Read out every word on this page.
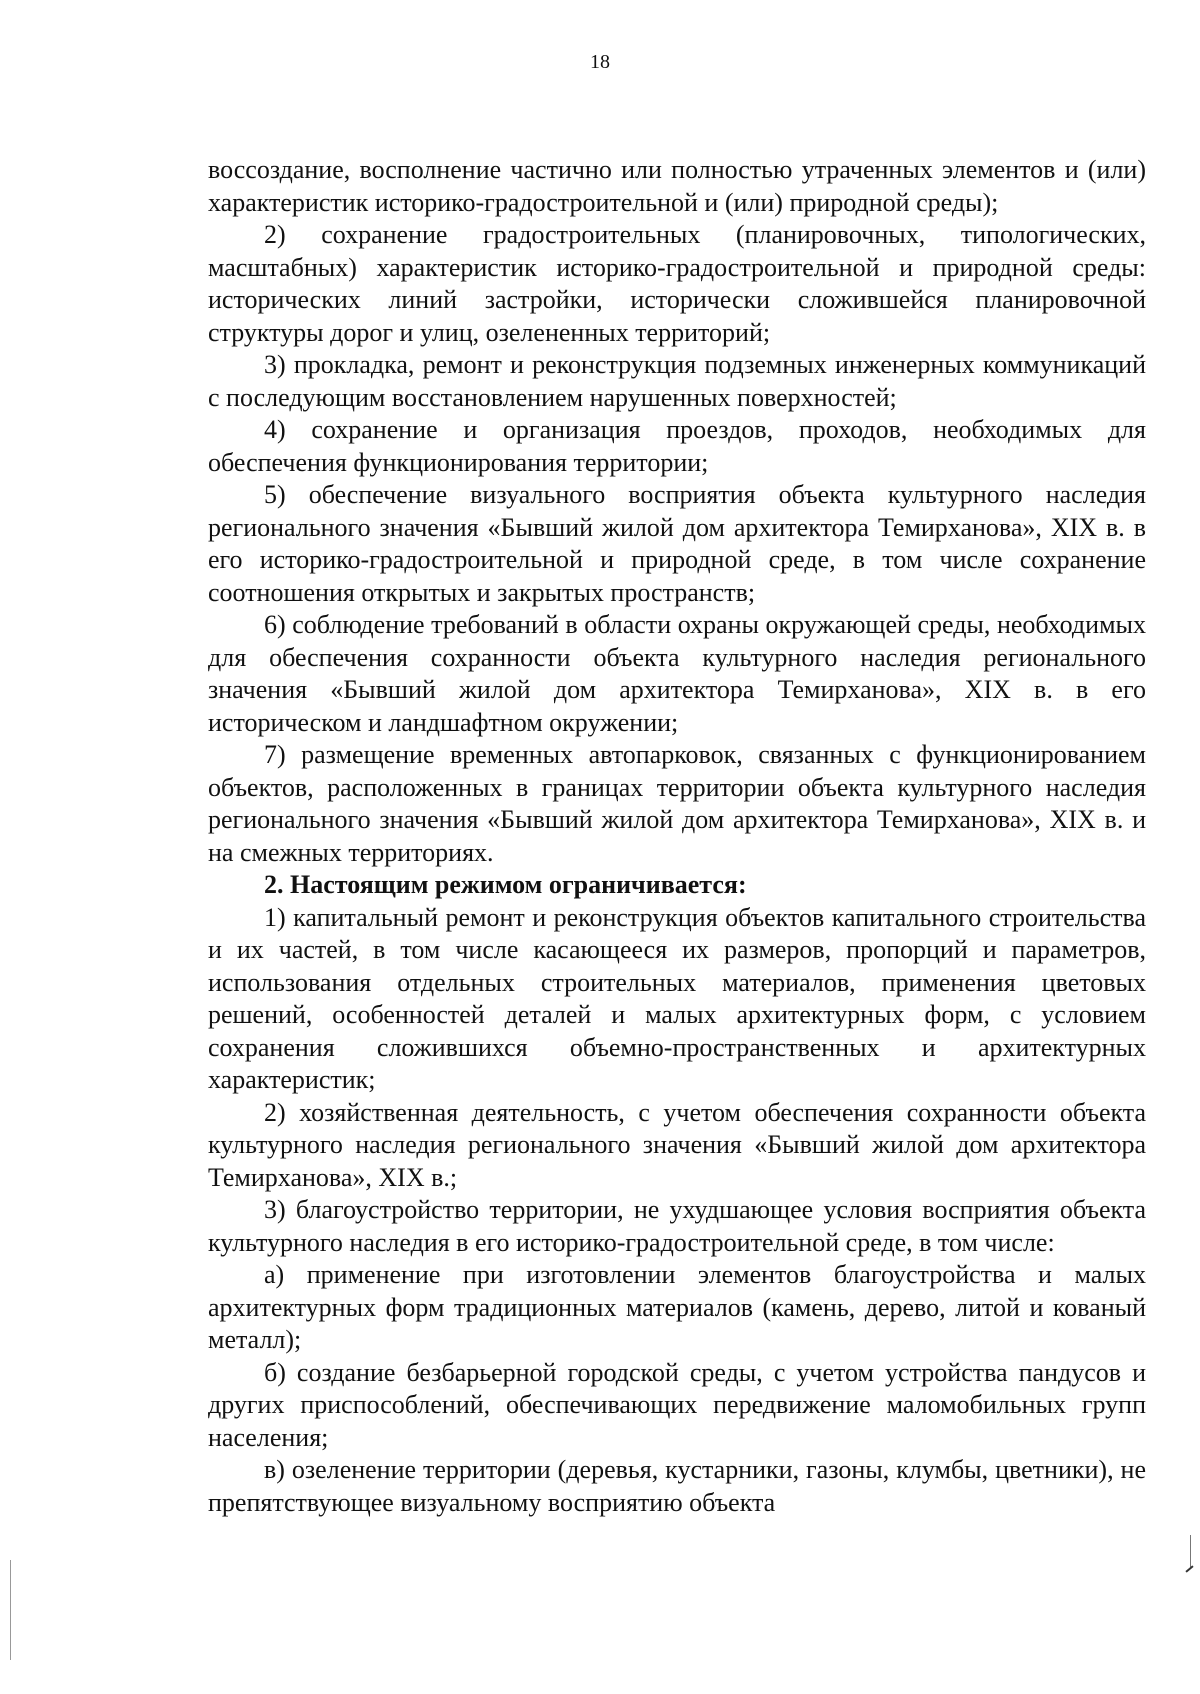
18

воссоздание, восполнение частично или полностью утраченных элементов и (или) характеристик историко-градостроительной и (или) природной среды);

2) сохранение градостроительных (планировочных, типологических, масштабных) характеристик историко-градостроительной и природной среды: исторических линий застройки, исторически сложившейся планировочной структуры дорог и улиц, озелененных территорий;

3) прокладка, ремонт и реконструкция подземных инженерных коммуникаций с последующим восстановлением нарушенных поверхностей;

4) сохранение и организация проездов, проходов, необходимых для обеспечения функционирования территории;

5) обеспечение визуального восприятия объекта культурного наследия регионального значения «Бывший жилой дом архитектора Темирханова», XIX в. в его историко-градостроительной и природной среде, в том числе сохранение соотношения открытых и закрытых пространств;

6) соблюдение требований в области охраны окружающей среды, необходимых для обеспечения сохранности объекта культурного наследия регионального значения «Бывший жилой дом архитектора Темирханова», XIX в. в его историческом и ландшафтном окружении;

7) размещение временных автопарковок, связанных с функционированием объектов, расположенных в границах территории объекта культурного наследия регионального значения «Бывший жилой дом архитектора Темирханова», XIX в. и на смежных территориях.

2. Настоящим режимом ограничивается:

1) капитальный ремонт и реконструкция объектов капитального строительства и их частей, в том числе касающееся их размеров, пропорций и параметров, использования отдельных строительных материалов, применения цветовых решений, особенностей деталей и малых архитектурных форм, с условием сохранения сложившихся объемно-пространственных и архитектурных характеристик;

2) хозяйственная деятельность, с учетом обеспечения сохранности объекта культурного наследия регионального значения «Бывший жилой дом архитектора Темирханова», XIX в.;

3) благоустройство территории, не ухудшающее условия восприятия объекта культурного наследия в его историко-градостроительной среде, в том числе:

а) применение при изготовлении элементов благоустройства и малых архитектурных форм традиционных материалов (камень, дерево, литой и кованый металл);

б) создание безбарьерной городской среды, с учетом устройства пандусов и других приспособлений, обеспечивающих передвижение маломобильных групп населения;

в) озеленение территории (деревья, кустарники, газоны, клумбы, цветники), не препятствующее визуальному восприятию объекта
